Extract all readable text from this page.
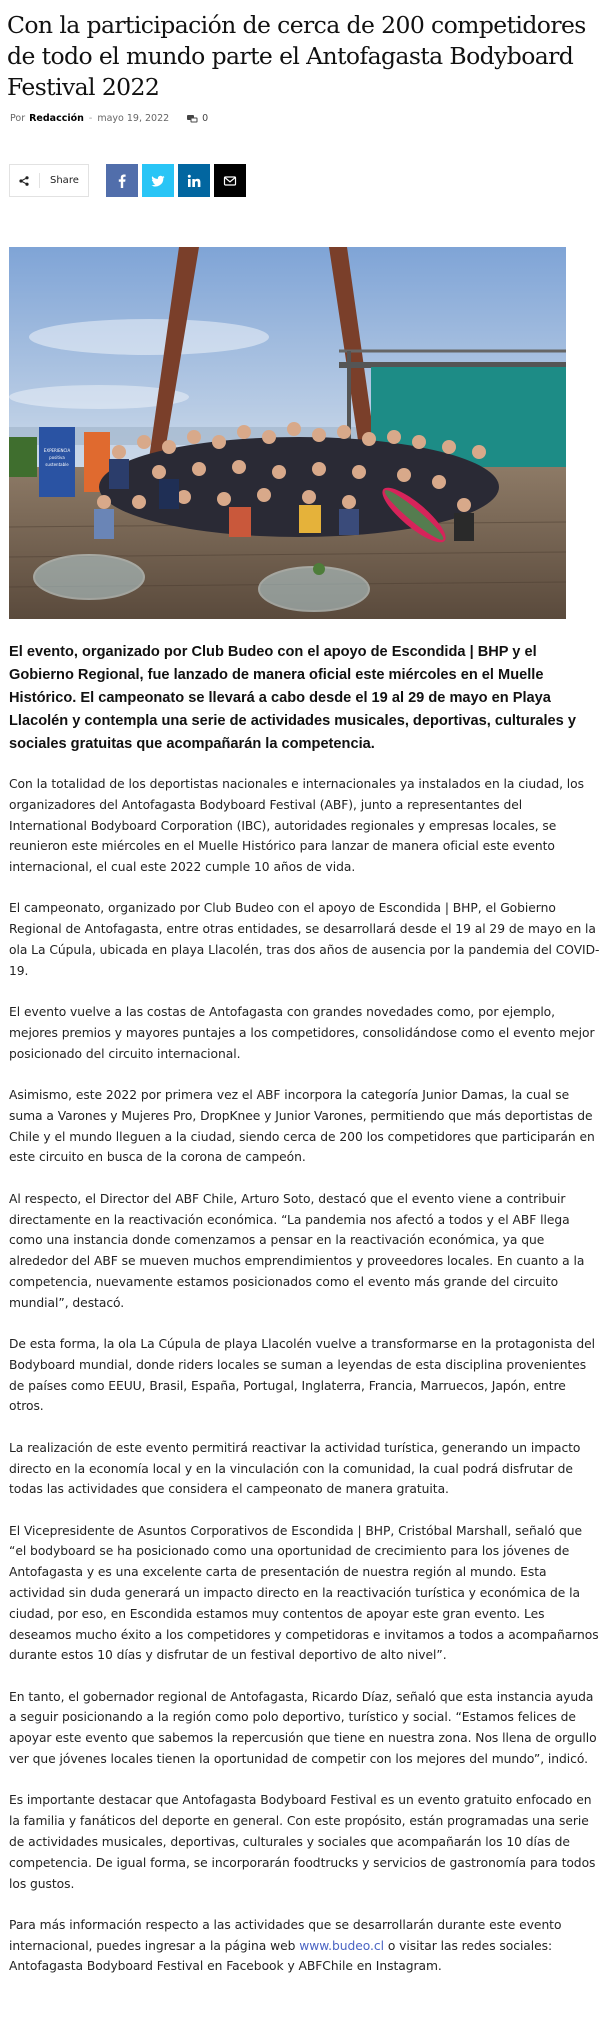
Con la participación de cerca de 200 competidores de todo el mundo parte el Antofagasta Bodyboard Festival 2022
Por Redacción - mayo 19, 2022	0
Share
EXPERIENCIA
positiva
sustentable

El evento, organizado por Club Budeo con el apoyo de Escondida | BHP y el Gobierno Regional, fue lanzado de manera oficial este miércoles en el Muelle Histórico. El campeonato se llevará a cabo desde el 19 al 29 de mayo en Playa Llacolén y contempla una serie de actividades musicales, deportivas, culturales y sociales gratuitas que acompañarán la competencia.

Con la totalidad de los deportistas nacionales e internacionales ya instalados en la ciudad, los organizadores del Antofagasta Bodyboard Festival (ABF), junto a representantes del International Bodyboard Corporation (IBC), autoridades regionales y empresas locales, se reunieron este miércoles en el Muelle Histórico para lanzar de manera oficial este evento internacional, el cual este 2022 cumple 10 años de vida.

El campeonato, organizado por Club Budeo con el apoyo de Escondida | BHP, el Gobierno Regional de Antofagasta, entre otras entidades, se desarrollará desde el 19 al 29 de mayo en la ola La Cúpula, ubicada en playa Llacolén, tras dos años de ausencia por la pandemia del COVID-19.

El evento vuelve a las costas de Antofagasta con grandes novedades como, por ejemplo, mejores premios y mayores puntajes a los competidores, consolidándose como el evento mejor posicionado del circuito internacional.

Asimismo, este 2022 por primera vez el ABF incorpora la categoría Junior Damas, la cual se suma a Varones y Mujeres Pro, DropKnee y Junior Varones, permitiendo que más deportistas de Chile y el mundo lleguen a la ciudad, siendo cerca de 200 los competidores que participarán en este circuito en busca de la corona de campeón.

Al respecto, el Director del ABF Chile, Arturo Soto, destacó que el evento viene a contribuir directamente en la reactivación económica. “La pandemia nos afectó a todos y el ABF llega como una instancia donde comenzamos a pensar en la reactivación económica, ya que alrededor del ABF se mueven muchos emprendimientos y proveedores locales. En cuanto a la competencia, nuevamente estamos posicionados como el evento más grande del circuito mundial”, destacó.

De esta forma, la ola La Cúpula de playa Llacolén vuelve a transformarse en la protagonista del Bodyboard mundial, donde riders locales se suman a leyendas de esta disciplina provenientes de países como EEUU, Brasil, España, Portugal, Inglaterra, Francia, Marruecos, Japón, entre otros.

La realización de este evento permitirá reactivar la actividad turística, generando un impacto directo en la economía local y en la vinculación con la comunidad, la cual podrá disfrutar de todas las actividades que considera el campeonato de manera gratuita.

El Vicepresidente de Asuntos Corporativos de Escondida | BHP, Cristóbal Marshall, señaló que “el bodyboard se ha posicionado como una oportunidad de crecimiento para los jóvenes de Antofagasta y es una excelente carta de presentación de nuestra región al mundo. Esta actividad sin duda generará un impacto directo en la reactivación turística y económica de la ciudad, por eso, en Escondida estamos muy contentos de apoyar este gran evento. Les deseamos mucho éxito a los competidores y competidoras e invitamos a todos a acompañarnos durante estos 10 días y disfrutar de un festival deportivo de alto nivel”.

En tanto, el gobernador regional de Antofagasta, Ricardo Díaz, señaló que esta instancia ayuda a seguir posicionando a la región como polo deportivo, turístico y social. “Estamos felices de apoyar este evento que sabemos la repercusión que tiene en nuestra zona. Nos llena de orgullo ver que jóvenes locales tienen la oportunidad de competir con los mejores del mundo”, indicó.

Es importante destacar que Antofagasta Bodyboard Festival es un evento gratuito enfocado en la familia y fanáticos del deporte en general. Con este propósito, están programadas una serie de actividades musicales, deportivas, culturales y sociales que acompañarán los 10 días de competencia. De igual forma, se incorporarán foodtrucks y servicios de gastronomía para todos los gustos.

Para más información respecto a las actividades que se desarrollarán durante este evento internacional, puedes ingresar a la página web www.budeo.cl o visitar las redes sociales: Antofagasta Bodyboard Festival en Facebook y ABFChile en Instagram.
